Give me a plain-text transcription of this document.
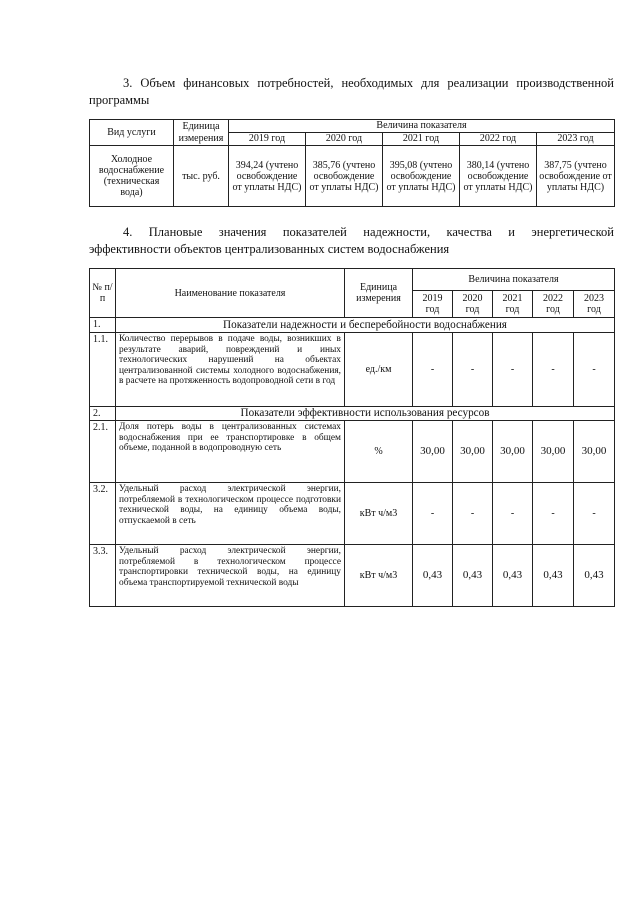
3. Объем финансовых потребностей, необходимых для реализации производственной
программы
Вид услуги	Единица измерения	Величина показателя				
		2019 год	2020 год	2021 год	2022 год	2023 год
Холодное водоснабжение (техническая вода)	тыс. руб.	394,24 (учтено освобождение от уплаты НДС)	385,76 (учтено освобождение от уплаты НДС)	395,08 (учтено освобождение от уплаты НДС)	380,14 (учтено освобождение от уплаты НДС)	387,75 (учтено освобождение от уплаты НДС)
4. Плановые значения показателей надежности, качества и энергетической
эффективности объектов централизованных систем водоснабжения
№ п/п	Наименование показателя	Единица измерения	Величина показателя				
			2019 год	2020 год	2021 год	2022 год	2023 год
1.	Показатели надежности и бесперебойности водоснабжения						
1.1.	Количество перерывов в подаче воды, возникших в результате аварий, повреждений и иных технологических нарушений на объектах централизованной системы холодного водоснабжения, в расчете на протяженность водопроводной сети в год	ед./км	-	-	-	-	-
2.	Показатели эффективности использования ресурсов						
2.1.	Доля потерь воды в централизованных системах водоснабжения при ее транспортировке в общем объеме, поданной в водопроводную сеть	%	30,00	30,00	30,00	30,00	30,00
3.2.	Удельный расход электрической энергии, потребляемой в технологическом процессе подготовки технической воды, на единицу объема воды, отпускаемой в сеть	кВт ч/м3	-	-	-	-	-
3.3.	Удельный расход электрической энергии, потребляемой в технологическом процессе транспортировки технической воды, на единицу объема транспортируемой технической воды	кВт ч/м3	0,43	0,43	0,43	0,43	0,43
